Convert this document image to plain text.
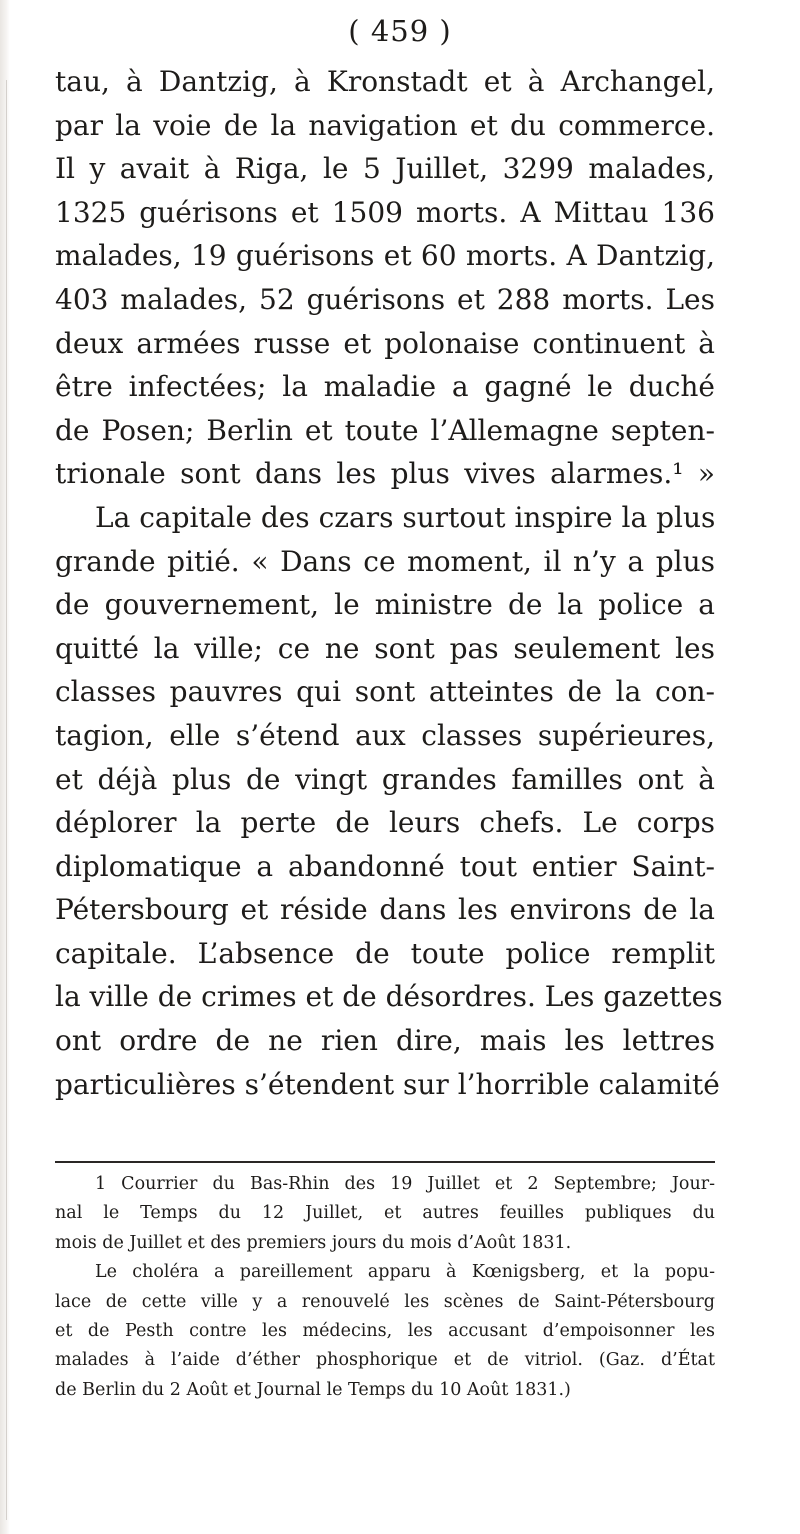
( 459 )
tau, à Dantzig, à Kronstadt et à Archangel,
par la voie de la navigation et du commerce.
Il y avait à Riga, le 5 Juillet, 3299 malades,
1325 guérisons et 1509 morts. A Mittau 136
malades, 19 guérisons et 60 morts. A Dantzig,
403 malades, 52 guérisons et 288 morts. Les
deux armées russe et polonaise continuent à
être infectées; la maladie a gagné le duché
de Posen; Berlin et toute l’Allemagne septen-
trionale sont dans les plus vives alarmes.¹ »
La capitale des czars surtout inspire la plus
grande pitié. « Dans ce moment, il n’y a plus
de gouvernement, le ministre de la police a
quitté la ville; ce ne sont pas seulement les
classes pauvres qui sont atteintes de la con-
tagion, elle s’étend aux classes supérieures,
et déjà plus de vingt grandes familles ont à
déplorer la perte de leurs chefs. Le corps
diplomatique a abandonné tout entier Saint-
Pétersbourg et réside dans les environs de la
capitale. L’absence de toute police remplit
la ville de crimes et de désordres. Les gazettes
ont ordre de ne rien dire, mais les lettres
particulières s’étendent sur l’horrible calamité
1 Courrier du Bas-Rhin des 19 Juillet et 2 Septembre; Jour-
nal le Temps du 12 Juillet, et autres feuilles publiques du
mois de Juillet et des premiers jours du mois d’Août 1831.
Le choléra a pareillement apparu à Kœnigsberg, et la popu-
lace de cette ville y a renouvelé les scènes de Saint-Pétersbourg
et de Pesth contre les médecins, les accusant d’empoisonner les
malades à l’aide d’éther phosphorique et de vitriol. (Gaz. d’État
de Berlin du 2 Août et Journal le Temps du 10 Août 1831.)
